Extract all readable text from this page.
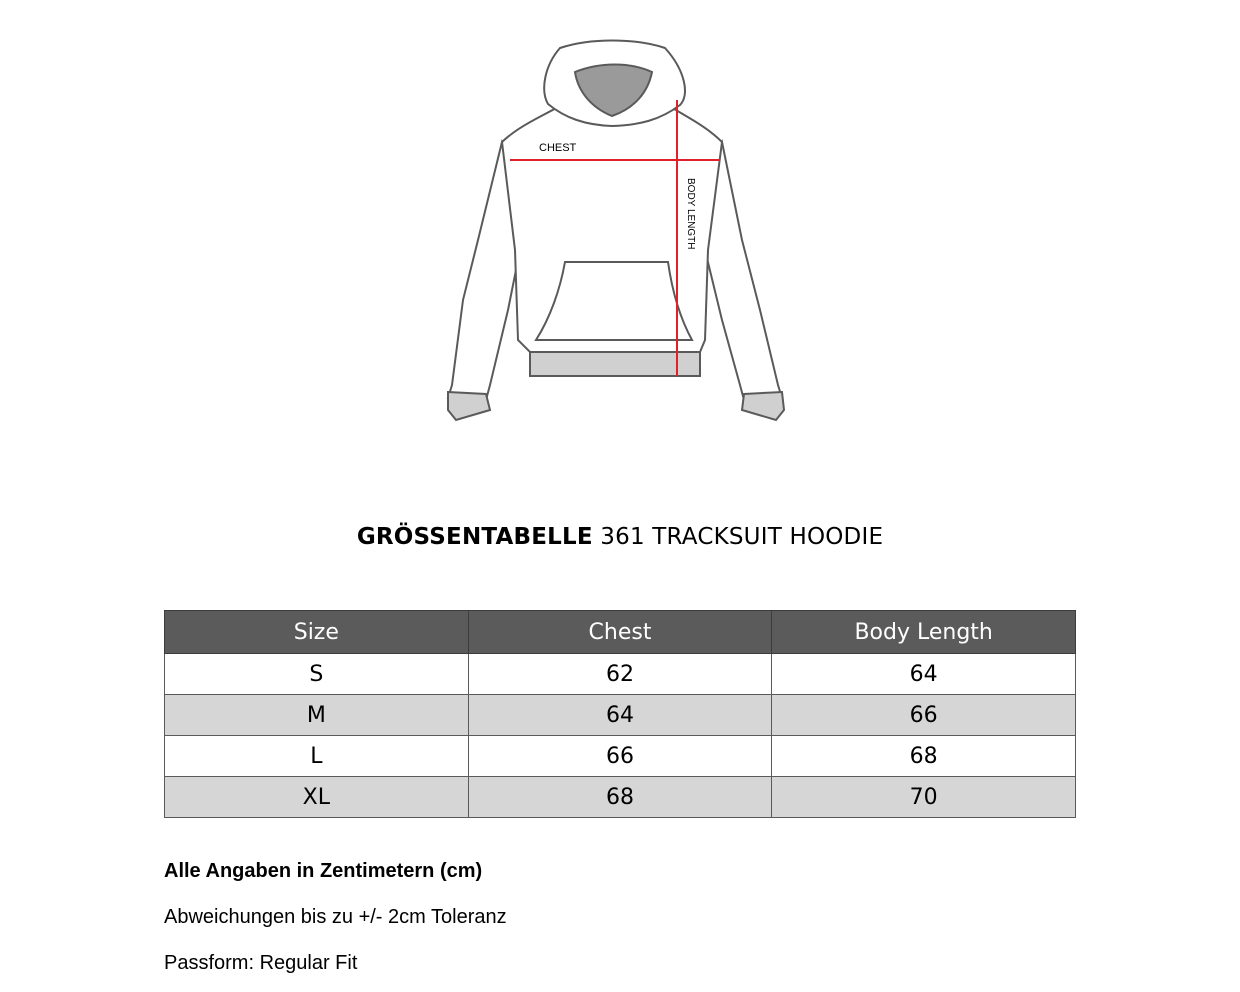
CHEST
BODY LENGTH
GRÖSSENTABELLE 361 TRACKSUIT HOODIE
Size	Chest	Body Length
S	62	64
M	64	66
L	66	68
XL	68	70
Alle Angaben in Zentimetern (cm)
Abweichungen bis zu +/- 2cm Toleranz
Passform: Regular Fit
